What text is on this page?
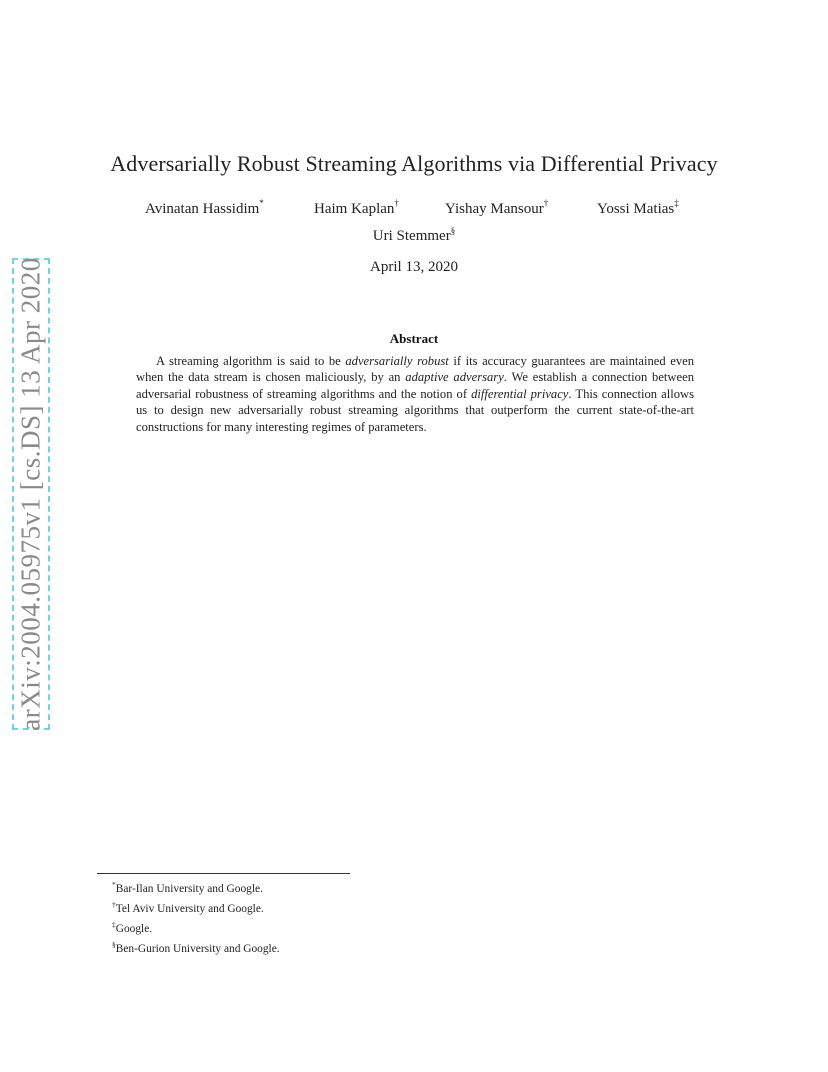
arXiv:2004.05975v1 [cs.DS] 13 Apr 2020
Adversarially Robust Streaming Algorithms via Differential Privacy
Avinatan Hassidim*	Haim Kaplan†	Yishay Mansour†	Yossi Matias‡
Uri Stemmer§
April 13, 2020
Abstract
A streaming algorithm is said to be adversarially robust if its accuracy guarantees are maintained even when the data stream is chosen maliciously, by an adaptive adversary. We establish a connection between adversarial robustness of streaming algorithms and the notion of differential privacy. This connection allows us to design new adversarially robust streaming algorithms that outperform the current state-of-the-art constructions for many interesting regimes of parameters.
*Bar-Ilan University and Google.
†Tel Aviv University and Google.
‡Google.
§Ben-Gurion University and Google.
